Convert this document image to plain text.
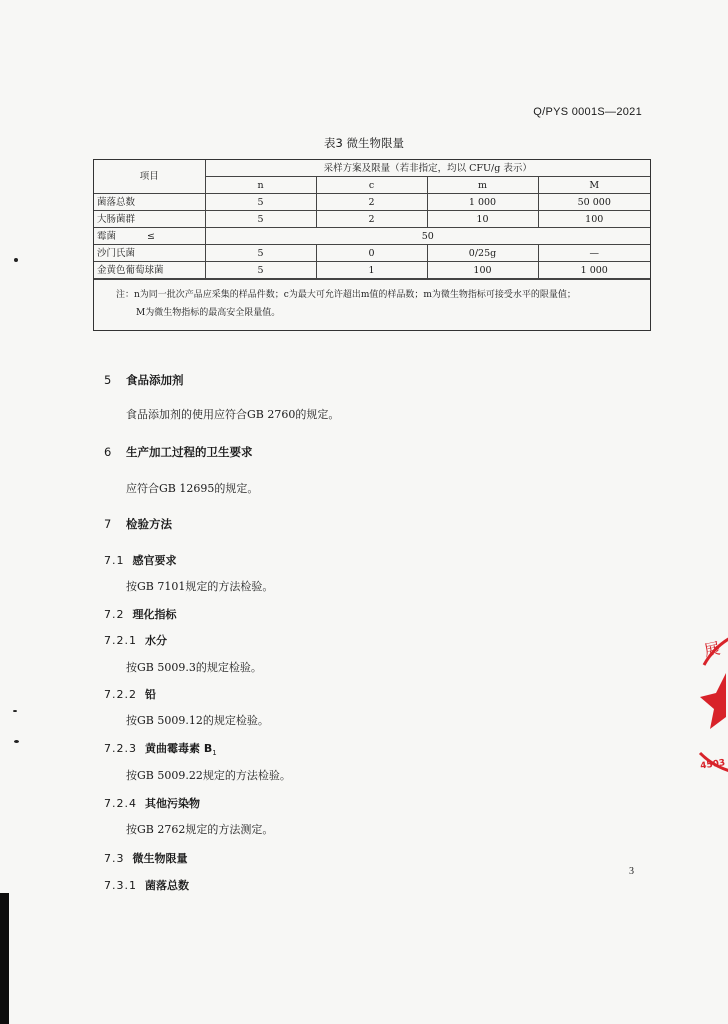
Q/PYS 0001S—2021
表3 微生物限量
项目	采样方案及限量（若非指定，均以 CFU/g 表示）			
	n	c	m	M
菌落总数	5	2	1 000	50 000
大肠菌群	5	2	10	100
霉菌 ≤	50			
沙门氏菌	5	0	0/25g	—
金黄色葡萄球菌	5	1	100	1 000
注：n为同一批次产品应采集的样品件数；c为最大可允许超出m值的样品数；m为微生物指标可接受水平的限量值；
M为微生物指标的最高安全限量值。
5 食品添加剂
食品添加剂的使用应符合GB 2760的规定。
6 生产加工过程的卫生要求
应符合GB 12695的规定。
7 检验方法
7.1 感官要求
按GB 7101规定的方法检验。
7.2 理化指标
7.2.1 水分
按GB 5009.3的规定检验。
7.2.2 铅
按GB 5009.12的规定检验。
7.2.3 黄曲霉毒素 $B_1$
按GB 5009.22规定的方法检验。
7.2.4 其他污染物
按GB 2762规定的方法测定。
7.3 微生物限量
7.3.1 菌落总数
3
展
4503
